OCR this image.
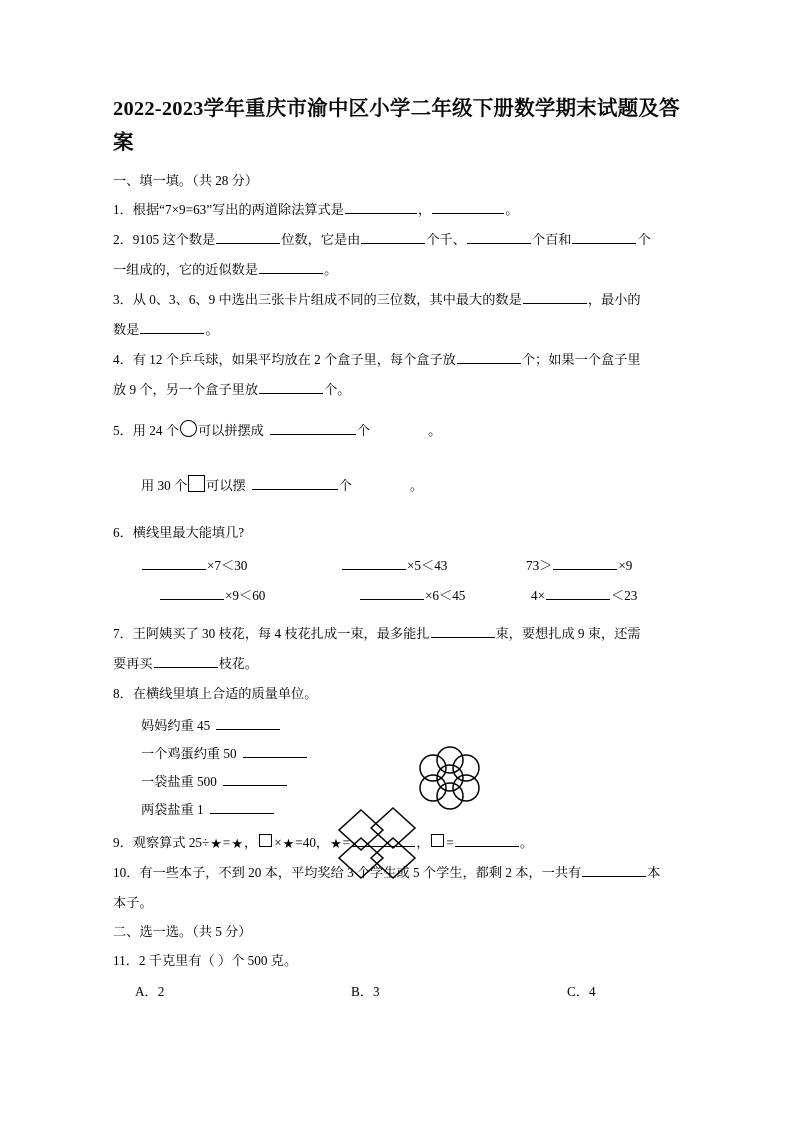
2022-2023学年重庆市渝中区小学二年级下册数学期末试题及答案
一、填一填。（共 28 分）
1．根据“7×9=63”写出的两道除法算式是	，	。
2．9105 这个数是	位数，它是由	个千、	个百和	个
一组成的，它的近似数是	。
3．从 0、3、6、9 中选出三张卡片组成不同的三位数，其中最大的数是	，最小的
数是	。
4．有 12 个乒乓球，如果平均放在 2 个盒子里，每个盒子放	个；如果一个盒子里
放 9 个，另一个盒子里放	个。
5．用 24 个 可以拼摆成	个	。
用 30 个 可以摆	个	。
6．横线里最大能填几?
×7＜30	×5＜43	73＞	×9
×9＜60	×6＜45	4×	＜23
7．王阿姨买了 30 枝花，每 4 枝花扎成一束，最多能扎	束，要想扎成 9 束，还需
要再买	枝花。
8．在横线里填上合适的质量单位。
妈妈约重 45
一个鸡蛋约重 50
一袋盐重 500
两袋盐重 1
9．观察算式 25÷★=★， ×★=40，★=	， =	。
10．有一些本子，不到 20 本，平均奖给 3 个学生或 5 个学生，都剩 2 本，一共有	本
本子。
二、选一选。（共 5 分）
11．2 千克里有（ ）个 500 克。
A．2	B．3	C．4
